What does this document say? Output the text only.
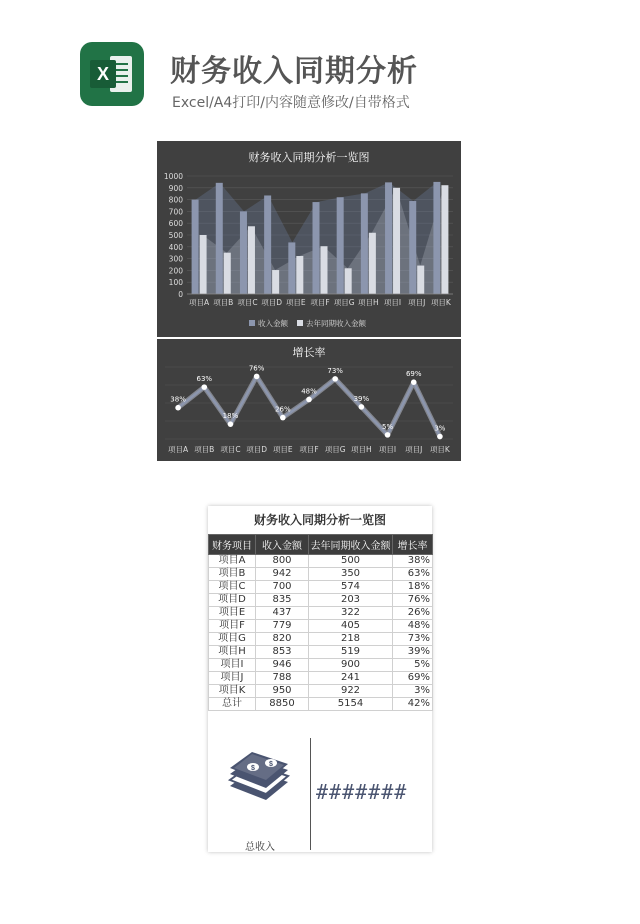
X 财务收入同期分析
Excel/A4打印/内容随意修改/自带格式
财务收入同期分析一览图
0
100
200
300
400
500
600
700
800
900
1000
项目A 项目B 项目C 项目D 项目E 项目F 项目G 项目H 项目I 项目J 项目K
收入金额 去年同期收入金额
增长率
38%
项目A
63%
项目B
18%
项目C
76%
项目D
26%
项目E
48%
项目F
73%
项目G
39%
项目H
5%
项目I
69%
项目J
3%
项目K
财务收入同期分析一览图
财务项目	收入金额	去年同期收入金额	增长率
项目A	800	500	38%
项目B	942	350	63%
项目C	700	574	18%
项目D	835	203	76%
项目E	437	322	26%
项目F	779	405	48%
项目G	820	218	73%
项目H	853	519	39%
项目I	946	900	5%
项目J	788	241	69%
项目K	950	922	3%
总计	8850	5154	42%
$
$
总收入
#######
